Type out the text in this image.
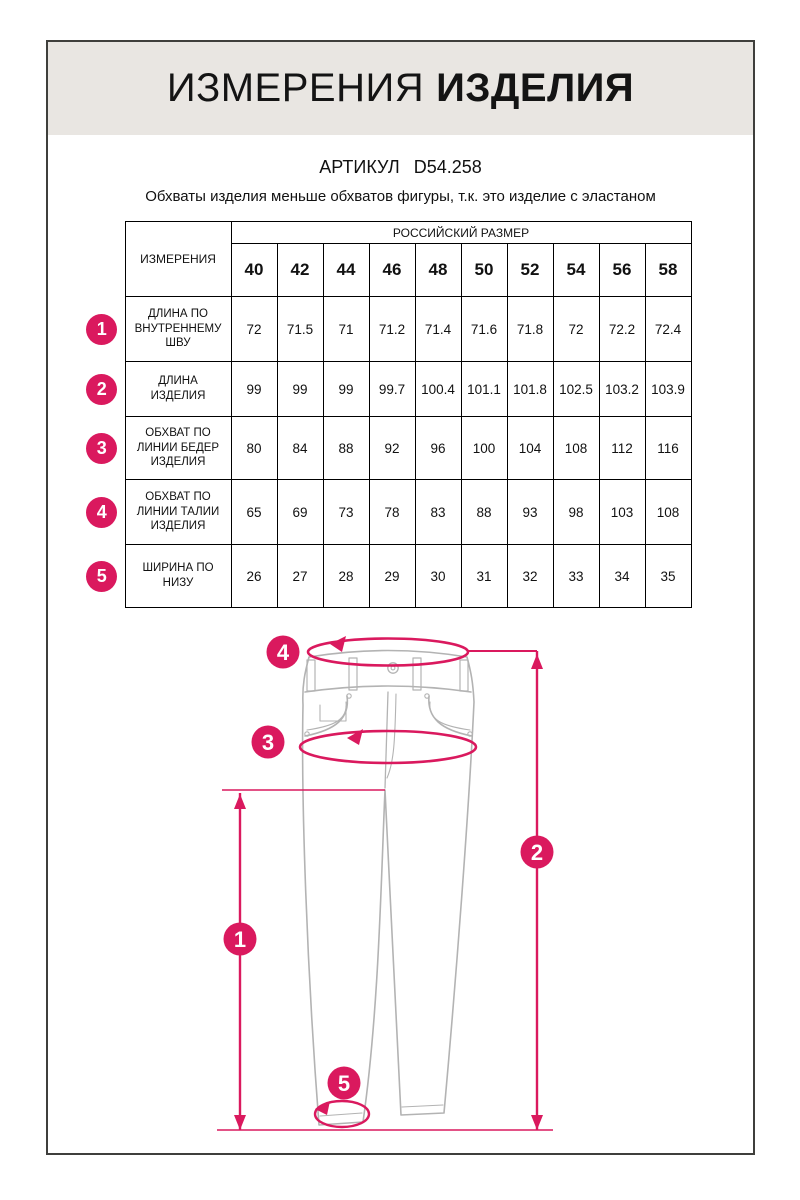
ИЗМЕРЕНИЯ ИЗДЕЛИЯ
АРТИКУЛ D54.258
Обхваты изделия меньше обхватов фигуры, т.к. это изделие с эластаном
	ИЗМЕРЕНИЯ	РОССИЙСКИЙ РАЗМЕР									
		40	42	44	46	48	50	52	54	56	58
1	ДЛИНА ПО ВНУТРЕННЕМУ ШВУ	72	71.5	71	71.2	71.4	71.6	71.8	72	72.2	72.4
2	ДЛИНА ИЗДЕЛИЯ	99	99	99	99.7	100.4	101.1	101.8	102.5	103.2	103.9
3	ОБХВАТ ПО ЛИНИИ БЕДЕР ИЗДЕЛИЯ	80	84	88	92	96	100	104	108	112	116
4	ОБХВАТ ПО ЛИНИИ ТАЛИИ ИЗДЕЛИЯ	65	69	73	78	83	88	93	98	103	108
5	ШИРИНА ПО НИЗУ	26	27	28	29	30	31	32	33	34	35
1
2
3
4
5
